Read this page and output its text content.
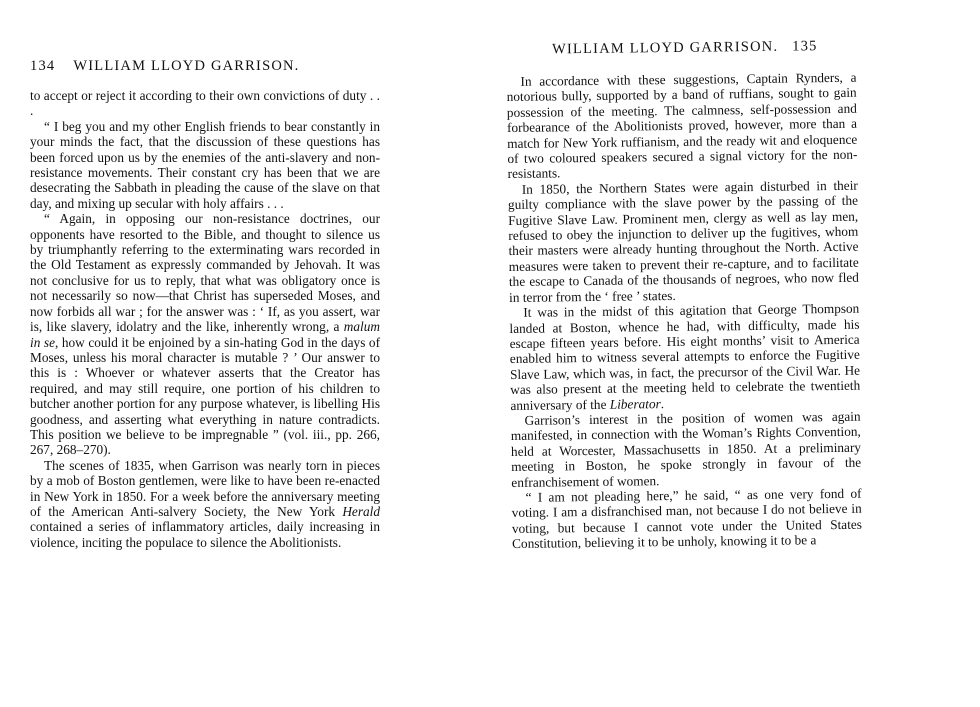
134 WILLIAM LLOYD GARRISON.

to accept or reject it according to their own convictions of duty . . .

“ I beg you and my other English friends to bear constantly in your minds the fact, that the discussion of these questions has been forced upon us by the enemies of the anti-slavery and non-resistance movements. Their constant cry has been that we are desecrating the Sabbath in pleading the cause of the slave on that day, and mixing up secular with holy affairs . . .

“ Again, in opposing our non-resistance doctrines, our opponents have resorted to the Bible, and thought to silence us by triumphantly referring to the exterminating wars recorded in the Old Testament as expressly commanded by Jehovah. It was not conclusive for us to reply, that what was obligatory once is not necessarily so now—that Christ has superseded Moses, and now forbids all war ; for the answer was : ‘ If, as you assert, war is, like slavery, idolatry and the like, inherently wrong, a malum in se, how could it be enjoined by a sin-hating God in the days of Moses, unless his moral character is mutable ? ’ Our answer to this is : Whoever or whatever asserts that the Creator has required, and may still require, one portion of his children to butcher another portion for any purpose whatever, is libelling His goodness, and asserting what everything in nature contradicts. This position we believe to be impregnable ” (vol. iii., pp. 266, 267, 268–270).

The scenes of 1835, when Garrison was nearly torn in pieces by a mob of Boston gentlemen, were like to have been re-enacted in New York in 1850. For a week before the anniversary meeting of the American Anti-salvery Society, the New York Herald contained a series of inflammatory articles, daily increasing in violence, inciting the populace to silence the Abolitionists.

WILLIAM LLOYD GARRISON. 135

In accordance with these suggestions, Captain Rynders, a notorious bully, supported by a band of ruffians, sought to gain possession of the meeting. The calmness, self-possession and forbearance of the Abolitionists proved, however, more than a match for New York ruffianism, and the ready wit and eloquence of two coloured speakers secured a signal victory for the non-resistants.

In 1850, the Northern States were again disturbed in their guilty compliance with the slave power by the passing of the Fugitive Slave Law. Prominent men, clergy as well as lay men, refused to obey the injunction to deliver up the fugitives, whom their masters were already hunting throughout the North. Active measures were taken to prevent their re-capture, and to facilitate the escape to Canada of the thousands of negroes, who now fled in terror from the ‘ free ’ states.

It was in the midst of this agitation that George Thompson landed at Boston, whence he had, with difficulty, made his escape fifteen years before. His eight months’ visit to America enabled him to witness several attempts to enforce the Fugitive Slave Law, which was, in fact, the precursor of the Civil War. He was also present at the meeting held to celebrate the twentieth anniversary of the Liberator.

Garrison’s interest in the position of women was again manifested, in connection with the Woman’s Rights Convention, held at Worcester, Massachusetts in 1850. At a preliminary meeting in Boston, he spoke strongly in favour of the enfranchisement of women.

“ I am not pleading here,” he said, “ as one very fond of voting. I am a disfranchised man, not because I do not believe in voting, but because I cannot vote under the United States Constitution, believing it to be unholy, knowing it to be a
